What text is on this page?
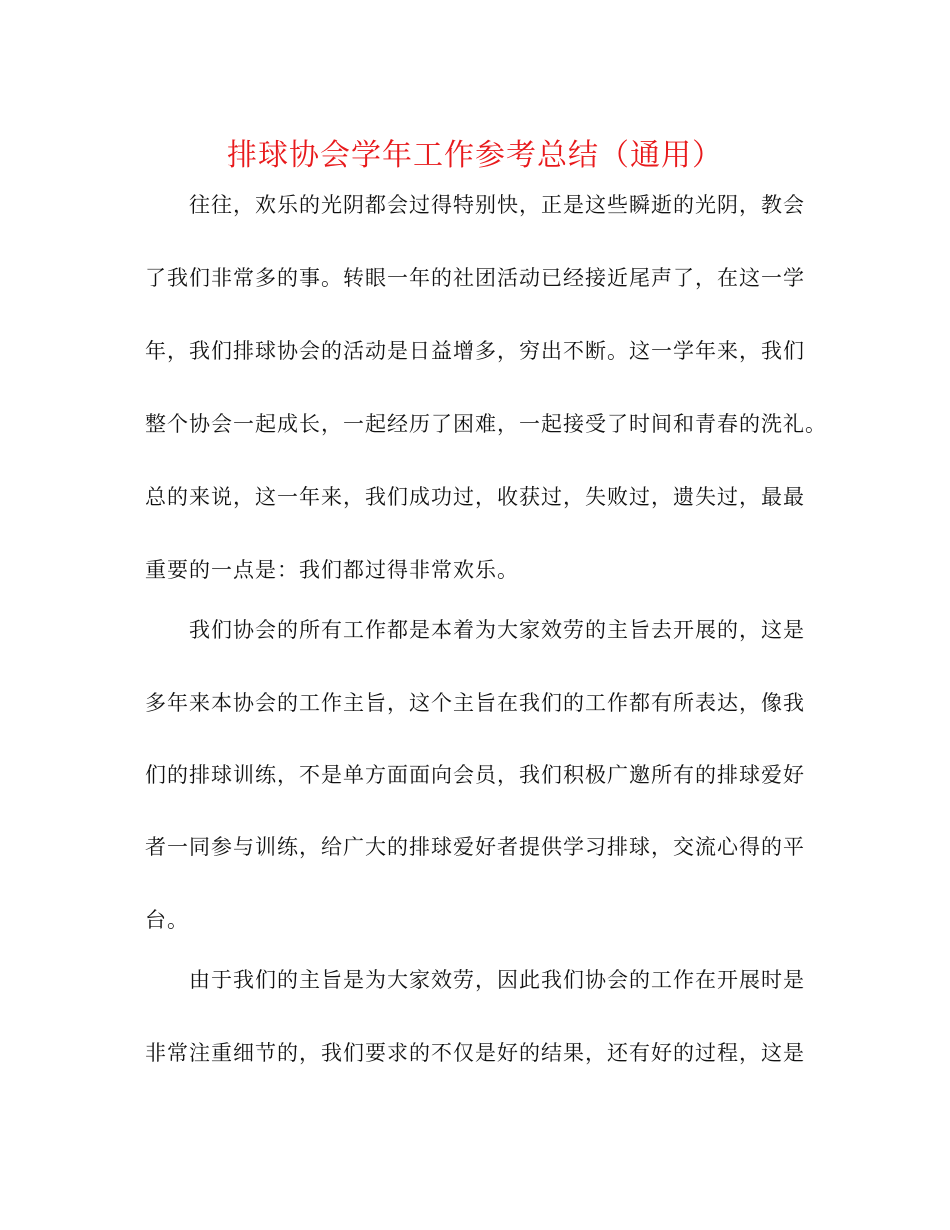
排球协会学年工作参考总结（通用）
　　往往，欢乐的光阴都会过得特别快，正是这些瞬逝的光阴，教会
了我们非常多的事。转眼一年的社团活动已经接近尾声了，在这一学
年，我们排球协会的活动是日益增多，穷出不断。这一学年来，我们
整个协会一起成长，一起经历了困难，一起接受了时间和青春的洗礼。
总的来说，这一年来，我们成功过，收获过，失败过，遗失过，最最
重要的一点是：我们都过得非常欢乐。
　　我们协会的所有工作都是本着为大家效劳的主旨去开展的，这是
多年来本协会的工作主旨，这个主旨在我们的工作都有所表达，像我
们的排球训练，不是单方面面向会员，我们积极广邀所有的排球爱好
者一同参与训练，给广大的排球爱好者提供学习排球，交流心得的平
台。
　　由于我们的主旨是为大家效劳，因此我们协会的工作在开展时是
非常注重细节的，我们要求的不仅是好的结果，还有好的过程，这是
